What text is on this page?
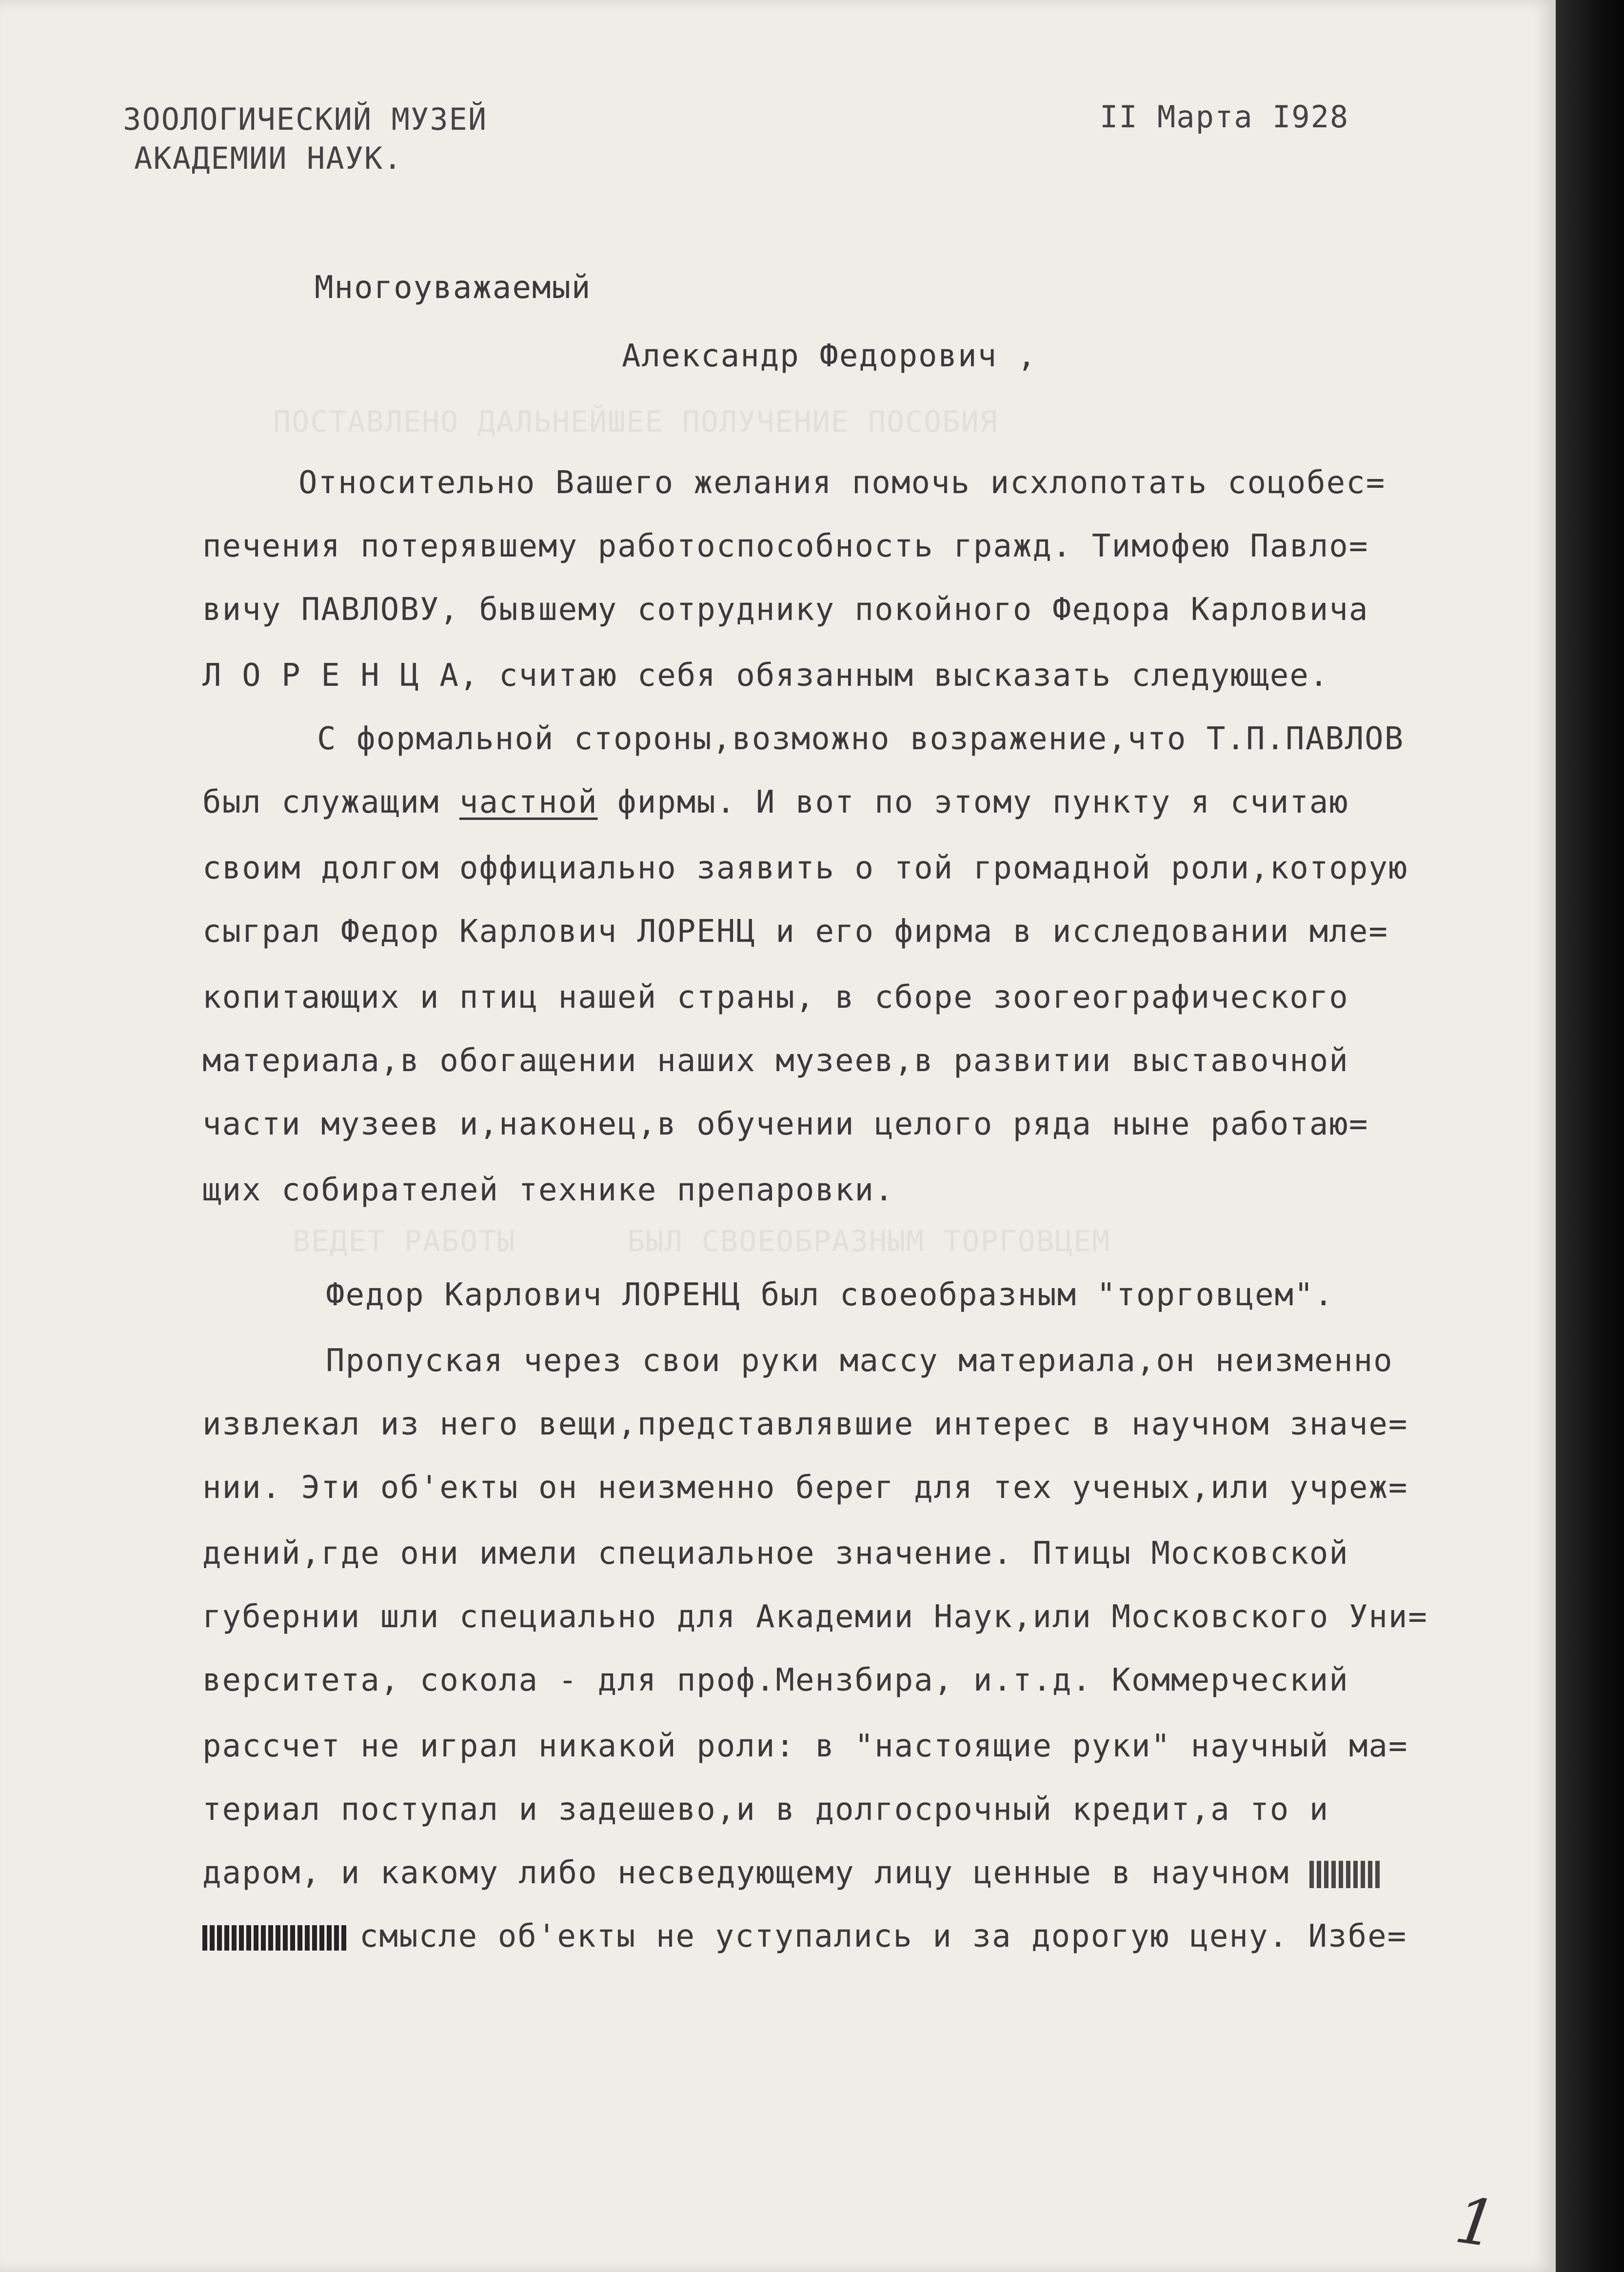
ПОСТАВЛЕНО ДАЛЬНЕЙШЕЕ ПОЛУЧЕНИЕ ПОСОБИЯ
ВЕДЕТ РАБОТЫ      БЫЛ СВОЕОБРАЗНЫМ ТОРГОВЦЕМ
ЗООЛОГИЧЕСКИЙ МУЗЕЙ
АКАДЕМИИ НАУК.
II Марта I928
Многоуважаемый
Александр Федорович ,
Относительно Вашего желания помочь исхлопотать соцобес=
печения потерявшему работоспособность гражд. Тимофею Павло=
вичу ПАВЛОВУ, бывшему сотруднику покойного Федора Карловича
Л О Р Е Н Ц А, считаю себя обязанным высказать следующее.
С формальной стороны,возможно возражение,что Т.П.ПАВЛОВ
был служащим частной фирмы. И вот по этому пункту я считаю
своим долгом оффициально заявить о той громадной роли,которую
сыграл Федор Карлович ЛОРЕНЦ и его фирма в исследовании мле=
копитающих и птиц нашей страны, в сборе зоогеографического
материала,в обогащении наших музеев,в развитии выставочной
части музеев и,наконец,в обучении целого ряда ныне работаю=
щих собирателей технике препаровки.
Федор Карлович ЛОРЕНЦ был своеобразным "торговцем".
Пропуская через свои руки массу материала,он неизменно
извлекал из него вещи,представлявшие интерес в научном значе=
нии. Эти об'екты он неизменно берег для тех ученых,или учреж=
дений,где они имели специальное значение. Птицы Московской
губернии шли специально для Академии Наук,или Московского Уни=
верситета, сокола - для проф.Мензбира, и.т.д. Коммерческий
рассчет не играл никакой роли: в "настоящие руки" научный ма=
териал поступал и задешево,и в долгосрочный кредит,а то и
даром, и какому либо несведующему лицу ценные в научном
смысле об'екты не уступались и за дорогую цену. Избе=
1
